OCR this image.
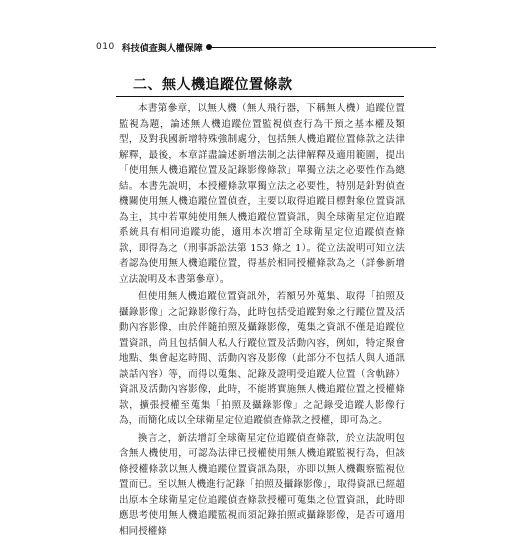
010 科技偵查與人權保障
二、無人機追蹤位置條款

本書第參章，以無人機（無人飛行器，下稱無人機）追蹤位置監視為題，論述無人機追蹤位置監視偵查行為干預之基本權及類型，及對我國新增特殊強制處分，包括無人機追蹤位置條款之法律解釋，最後，本章詳盡論述新增法制之法律解釋及適用範圍，提出「使用無人機追蹤位置及記錄影像條款」單獨立法之必要性作為總結。本書先說明，本授權條款單獨立法之必要性，特別是針對偵查機關使用無人機追蹤位置偵查，主要以取得追蹤目標對象位置資訊為主，其中若單純使用無人機追蹤位置資訊，與全球衛星定位追蹤系統具有相同追蹤功能，適用本次增訂全球衛星定位追蹤偵查條款，即得為之（刑事訴訟法第 153 條之 1）。從立法說明可知立法者認為使用無人機追蹤位置，得基於相同授權條款為之（詳參新增立法說明及本書第參章）。

但使用無人機追蹤位置資訊外，若額另外蒐集、取得「拍照及攝錄影像」之記錄影像行為，此時包括受追蹤對象之行蹤位置及活動內容影像，由於伴隨拍照及攝錄影像，蒐集之資訊不僅是追蹤位置資訊，尚且包括個人私人行蹤位置及活動內容，例如，特定聚會地點、集會起迄時間、活動內容及影像（此部分不包括人與人通訊談話內容）等，而得以蒐集、記錄及證明受追蹤人位置（含軌跡）資訊及活動內容影像，此時，不能將實施無人機追蹤位置之授權條款，擴張授權至蒐集「拍照及攝錄影像」之記錄受追蹤人影像行為，而簡化成以全球衛星定位追蹤偵查條款之授權，即可為之。

換言之，新法增訂全球衛星定位追蹤偵查條款，於立法說明包含無人機使用，可認為法律已授權使用無人機追蹤監視行為，但該條授權條款以無人機追蹤位置資訊為限，亦即以無人機觀察監視位置而已。至以無人機進行記錄「拍照及攝錄影像」，取得資訊已經超出原本全球衛星定位追蹤偵查條款授權可蒐集之位置資訊，此時即應思考使用無人機追蹤監視而須記錄拍照或攝錄影像，是否可適用相同授權條
